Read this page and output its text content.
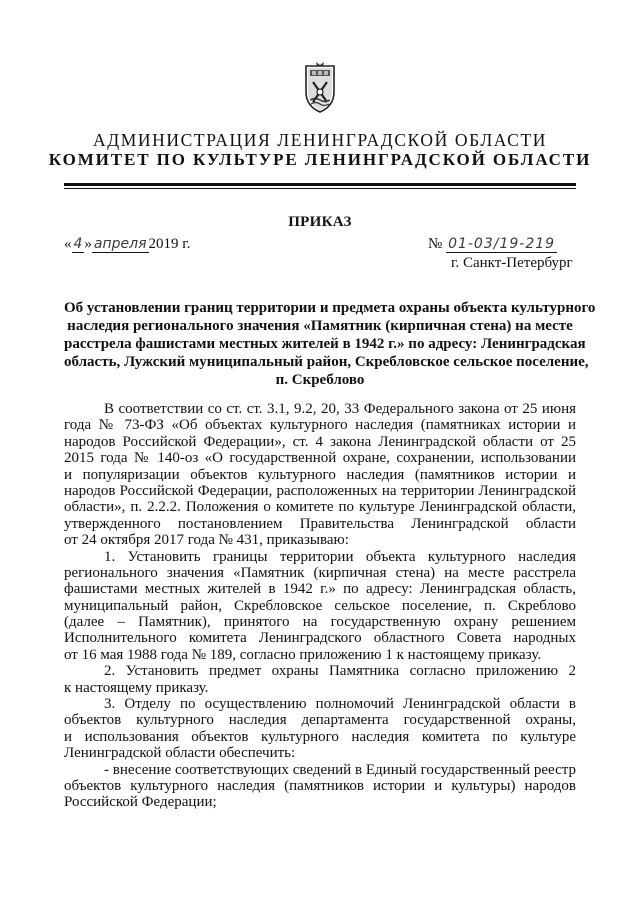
АДМИНИСТРАЦИЯ ЛЕНИНГРАДСКОЙ ОБЛАСТИ
КОМИТЕТ ПО КУЛЬТУРЕ ЛЕНИНГРАДСКОЙ ОБЛАСТИ
ПРИКАЗ
« 4 » апреля 2019 г.	№ 01-03/19-219
г. Санкт-Петербург
Об установлении границ территории и предмета охраны объекта культурного
наследия регионального значения «Памятник (кирпичная стена) на месте
расстрела фашистами местных жителей в 1942 г.» по адресу: Ленинградская
область, Лужский муниципальный район, Скребловское сельское поселение,
п. Скреблово
В соответствии со ст. ст. 3.1, 9.2, 20, 33 Федерального закона от 25 июня
года № 73-ФЗ «Об объектах культурного наследия (памятниках истории и
народов Российской Федерации», ст. 4 закона Ленинградской области от 25
2015 года № 140-оз «О государственной охране, сохранении, использовании
и популяризации объектов культурного наследия (памятников истории и
народов Российской Федерации, расположенных на территории Ленинградской
области», п. 2.2.2. Положения о комитете по культуре Ленинградской области,
утвержденного постановлением Правительства Ленинградской области
от 24 октября 2017 года № 431, приказываю:
1. Установить границы территории объекта культурного наследия
регионального значения «Памятник (кирпичная стена) на месте расстрела
фашистами местных жителей в 1942 г.» по адресу: Ленинградская область,
муниципальный район, Скребловское сельское поселение, п. Скреблово
(далее – Памятник), принятого на государственную охрану решением
Исполнительного комитета Ленинградского областного Совета народных
от 16 мая 1988 года № 189, согласно приложению 1 к настоящему приказу.
2. Установить предмет охраны Памятника согласно приложению 2
к настоящему приказу.
3. Отделу по осуществлению полномочий Ленинградской области в
объектов культурного наследия департамента государственной охраны,
и использования объектов культурного наследия комитета по культуре
Ленинградской области обеспечить:
- внесение соответствующих сведений в Единый государственный реестр
объектов культурного наследия (памятников истории и культуры) народов
Российской Федерации;
